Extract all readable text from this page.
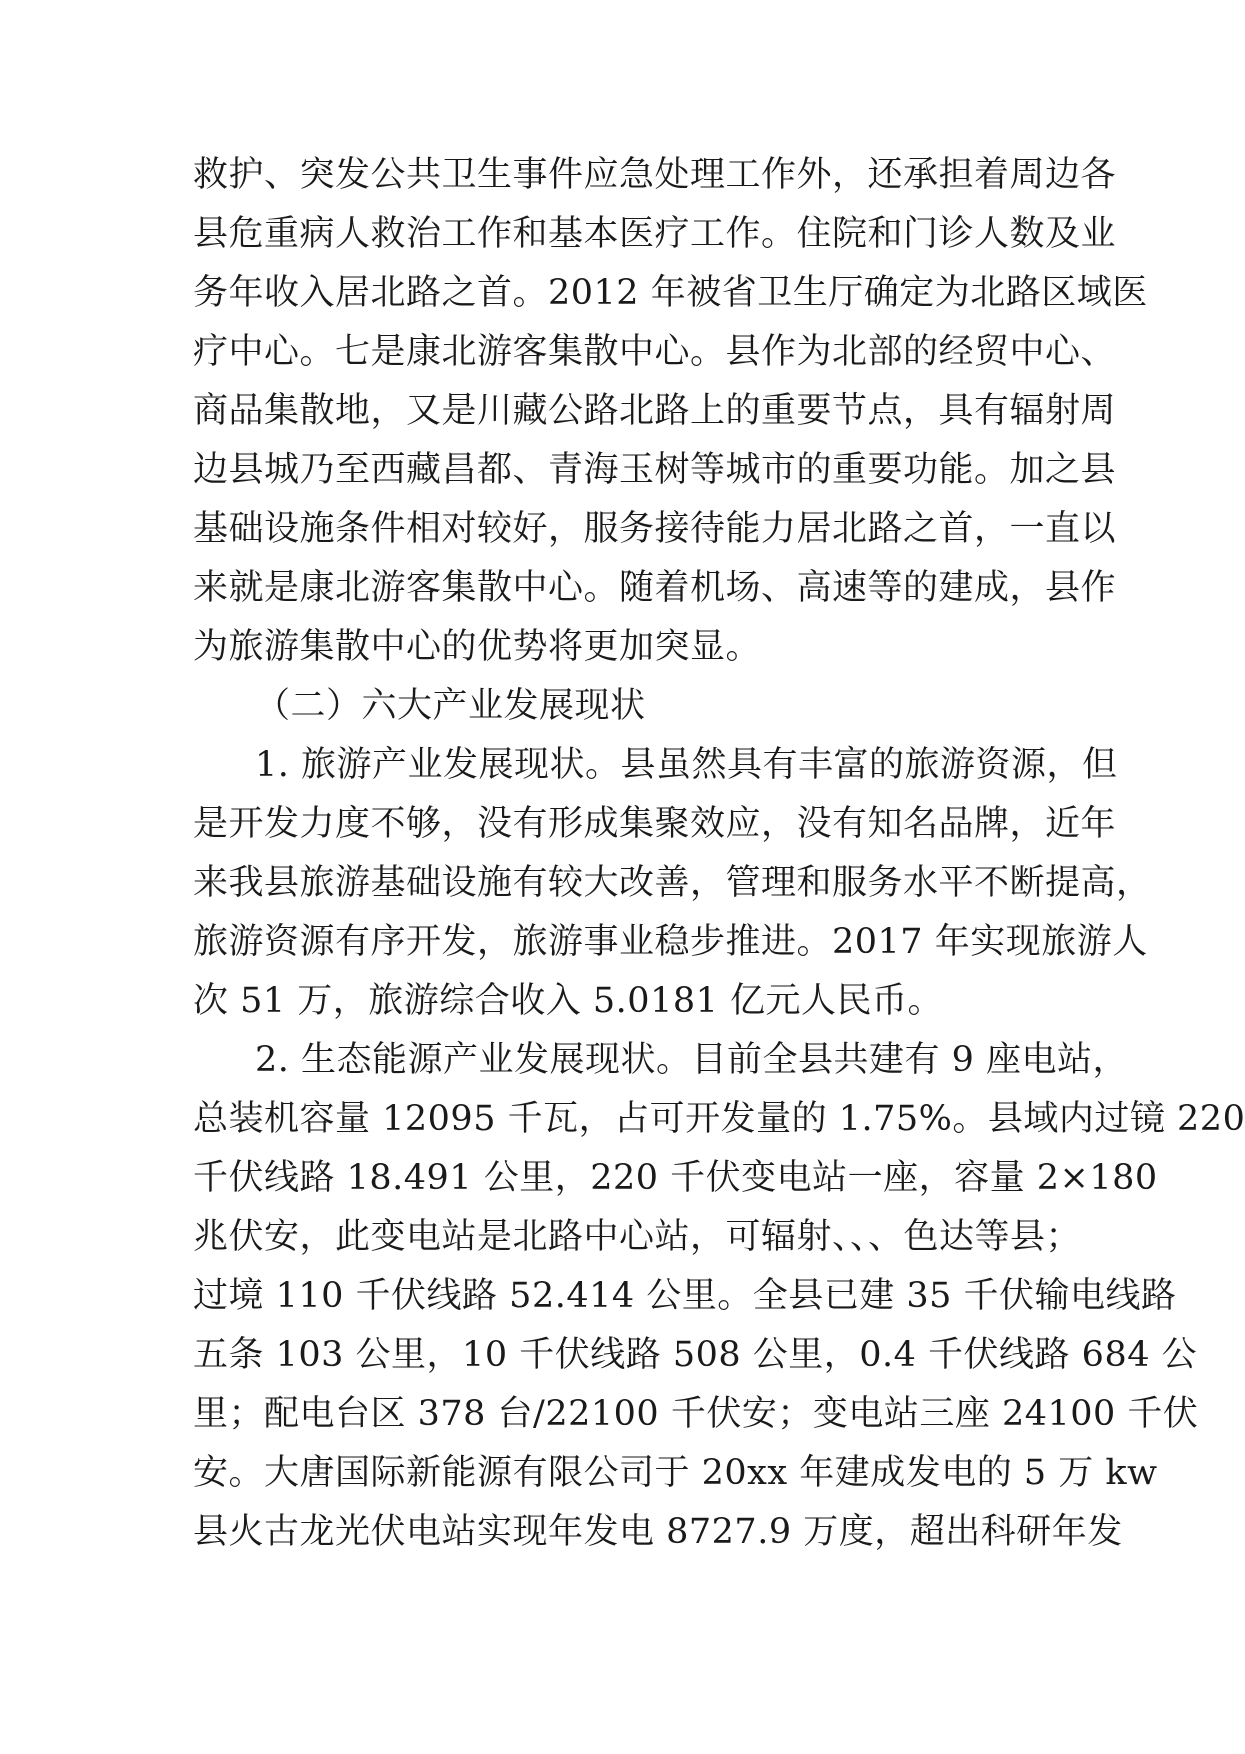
救护、突发公共卫生事件应急处理工作外，还承担着周边各
县危重病人救治工作和基本医疗工作。住院和门诊人数及业
务年收入居北路之首。2012 年被省卫生厅确定为北路区域医
疗中心。七是康北游客集散中心。县作为北部的经贸中心、
商品集散地，又是川藏公路北路上的重要节点，具有辐射周
边县城乃至西藏昌都、青海玉树等城市的重要功能。加之县
基础设施条件相对较好，服务接待能力居北路之首，一直以
来就是康北游客集散中心。随着机场、高速等的建成，县作
为旅游集散中心的优势将更加突显。
（二）六大产业发展现状
1. 旅游产业发展现状。县虽然具有丰富的旅游资源，但
是开发力度不够，没有形成集聚效应，没有知名品牌，近年
来我县旅游基础设施有较大改善，管理和服务水平不断提高，
旅游资源有序开发，旅游事业稳步推进。2017 年实现旅游人
次 51 万，旅游综合收入 5.0181 亿元人民币。
2. 生态能源产业发展现状。目前全县共建有 9 座电站，
总装机容量 12095 千瓦，占可开发量的 1.75%。县域内过镜 220
千伏线路 18.491 公里，220 千伏变电站一座，容量 2×180
兆伏安，此变电站是北路中心站，可辐射、、、色达等县；
过境 110 千伏线路 52.414 公里。全县已建 35 千伏输电线路
五条 103 公里，10 千伏线路 508 公里，0.4 千伏线路 684 公
里；配电台区 378 台/22100 千伏安；变电站三座 24100 千伏
安。大唐国际新能源有限公司于 20xx 年建成发电的 5 万 kw
县火古龙光伏电站实现年发电 8727.9 万度，超出科研年发
